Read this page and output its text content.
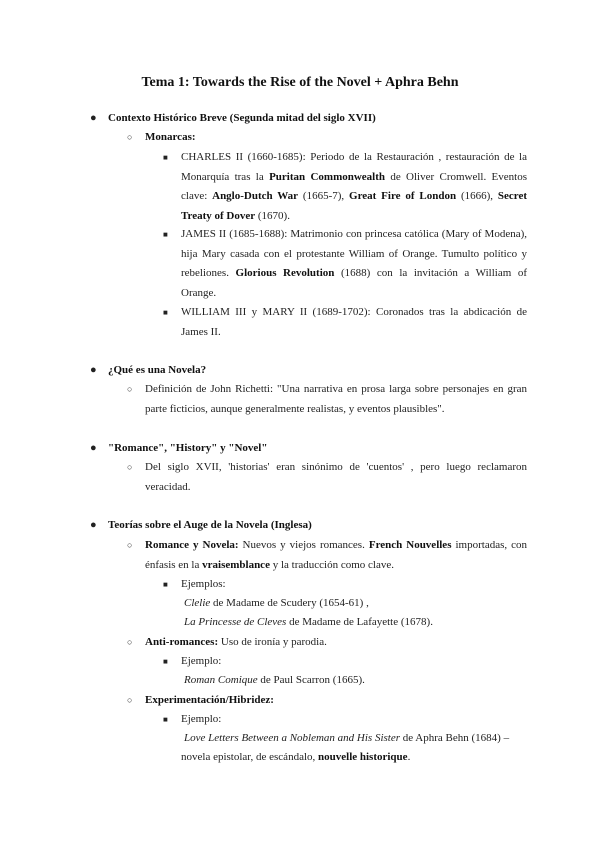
Tema 1: Towards the Rise of the Novel + Aphra Behn
● Contexto Histórico Breve (Segunda mitad del siglo XVII)
○ Monarcas:
■ CHARLES II (1660-1685): Periodo de la Restauración , restauración de la Monarquía tras la Puritan Commonwealth de Oliver Cromwell. Eventos clave: Anglo-Dutch War (1665-7), Great Fire of London (1666), Secret Treaty of Dover (1670).
■ JAMES II (1685-1688): Matrimonio con princesa católica (Mary of Modena), hija Mary casada con el protestante William of Orange. Tumulto político y rebeliones. Glorious Revolution (1688) con la invitación a William of Orange.
■ WILLIAM III y MARY II (1689-1702): Coronados tras la abdicación de James II.
● ¿Qué es una Novela?
○ Definición de John Richetti: "Una narrativa en prosa larga sobre personajes en gran parte ficticios, aunque generalmente realistas, y eventos plausibles".
● "Romance", "History" y "Novel"
○ Del siglo XVII, 'historias' eran sinónimo de 'cuentos' , pero luego reclamaron veracidad.
● Teorías sobre el Auge de la Novela (Inglesa)
○ Romance y Novela: Nuevos y viejos romances. French Nouvelles importadas, con énfasis en la vraisemblance y la traducción como clave.
■ Ejemplos:
Clelie de Madame de Scudery (1654-61) ,
La Princesse de Cleves de Madame de Lafayette (1678).
○ Anti-romances: Uso de ironía y parodia.
■ Ejemplo:
Roman Comique de Paul Scarron (1665).
○ Experimentación/Hibridez:
■ Ejemplo:
Love Letters Between a Nobleman and His Sister de Aphra Behn (1684) –
novela epistolar, de escándalo, nouvelle historique.
